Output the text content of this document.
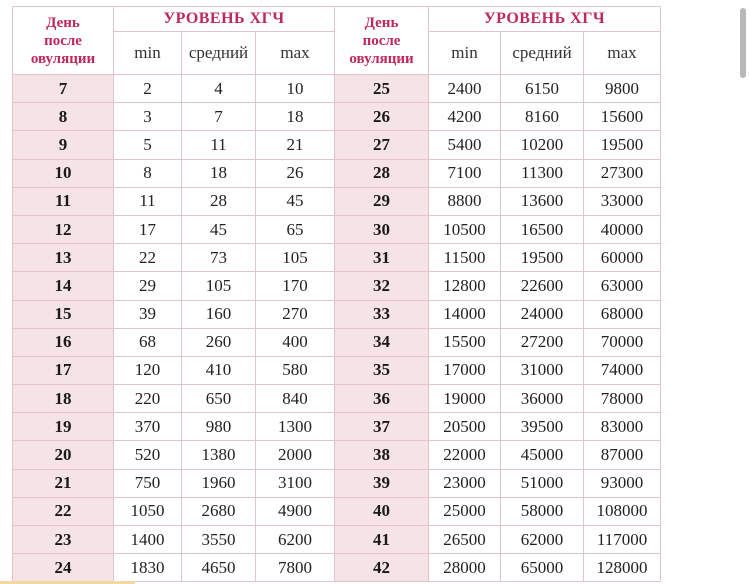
День
после
овуляции	УРОВЕНЬ ХГЧ			День
после
овуляции	УРОВЕНЬ ХГЧ		
	min	средний	max		min	средний	max
7	2	4	10	25	2400	6150	9800
8	3	7	18	26	4200	8160	15600
9	5	11	21	27	5400	10200	19500
10	8	18	26	28	7100	11300	27300
11	11	28	45	29	8800	13600	33000
12	17	45	65	30	10500	16500	40000
13	22	73	105	31	11500	19500	60000
14	29	105	170	32	12800	22600	63000
15	39	160	270	33	14000	24000	68000
16	68	260	400	34	15500	27200	70000
17	120	410	580	35	17000	31000	74000
18	220	650	840	36	19000	36000	78000
19	370	980	1300	37	20500	39500	83000
20	520	1380	2000	38	22000	45000	87000
21	750	1960	3100	39	23000	51000	93000
22	1050	2680	4900	40	25000	58000	108000
23	1400	3550	6200	41	26500	62000	117000
24	1830	4650	7800	42	28000	65000	128000
